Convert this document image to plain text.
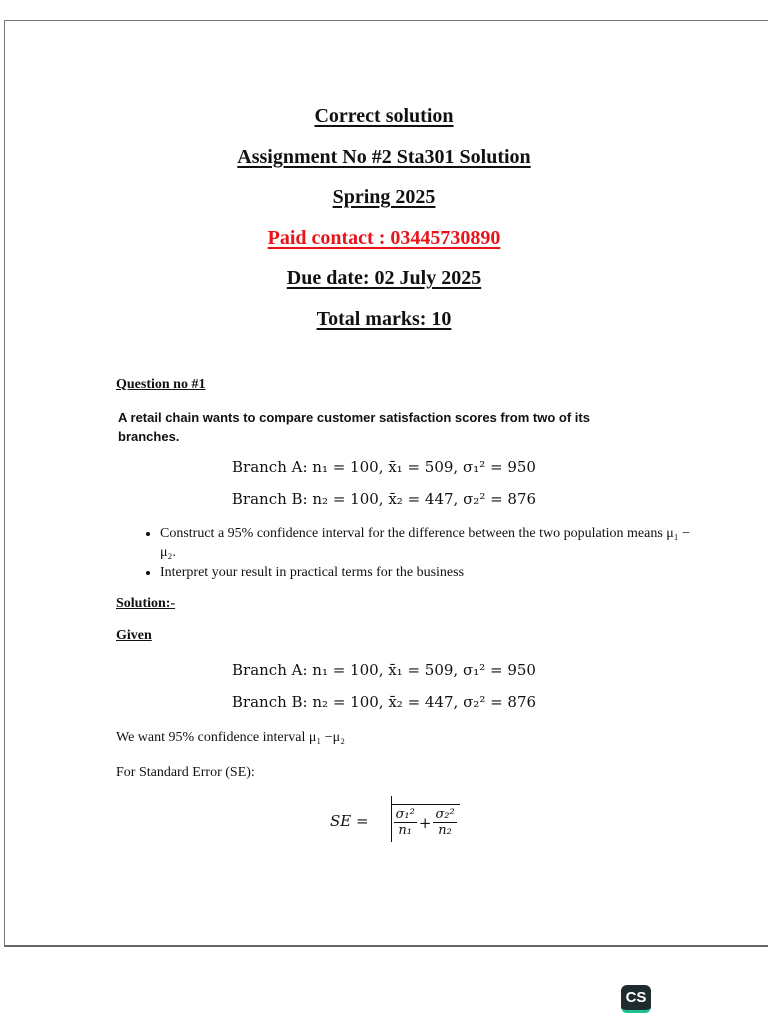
Correct solution
Assignment No #2 Sta301 Solution
Spring 2025
Paid contact : 03445730890
Due date: 02 July 2025
Total marks: 10

Question no #1

A retail chain wants to compare customer satisfaction scores from two of its branches.

Branch A: n₁ = 100, x̄₁ = 509, σ₁² = 950

Branch B: n₂ = 100, x̄₂ = 447, σ₂² = 876

• Construct a 95% confidence interval for the difference between the two population means μ₁ − μ₂.
• Interpret your result in practical terms for the business

Solution:-

Given

Branch A: n₁ = 100, x̄₁ = 509, σ₁² = 950

Branch B: n₂ = 100, x̄₂ = 447, σ₂² = 876

We want 95% confidence interval μ₁ −μ₂

For Standard Error (SE):

SE = $\frac{\text{σ₁²}}{\text{n₁}} + \frac{\text{σ₂²}}{\text{n₂}}$
CS
